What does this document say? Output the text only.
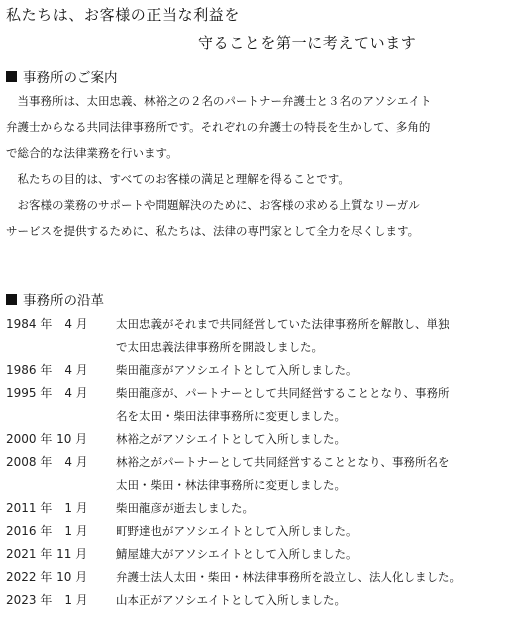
私たちは、お客様の正当な利益を
守ることを第一に考えています
事務所のご案内

　当事務所は、太田忠義、林裕之の２名のパートナー弁護士と３名のアソシエイト

弁護士からなる共同法律事務所です。それぞれの弁護士の特長を生かして、多角的

で総合的な法律業務を行います。

　私たちの目的は、すべてのお客様の満足と理解を得ることです。

　お客様の業務のサポートや問題解決のために、お客様の求める上質なリーガル

サービスを提供するために、私たちは、法律の専門家として全力を尽くします。

事務所の沿革
1984 年　4 月	太田忠義がそれまで共同経営していた法律事務所を解散し、単独
で太田忠義法律事務所を開設しました。
1986 年　4 月	柴田龍彦がアソシエイトとして入所しました。
1995 年　4 月	柴田龍彦が、パートナーとして共同経営することとなり、事務所
名を太田・柴田法律事務所に変更しました。
2000 年 10 月	林裕之がアソシエイトとして入所しました。
2008 年　4 月	林裕之がパートナーとして共同経営することとなり、事務所名を
太田・柴田・林法律事務所に変更しました。
2011 年　1 月	柴田龍彦が逝去しました。
2016 年　1 月	町野達也がアソシエイトとして入所しました。
2021 年 11 月	鯖屋雄大がアソシエイトとして入所しました。
2022 年 10 月	弁護士法人太田・柴田・林法律事務所を設立し、法人化しました。
2023 年　1 月	山本正がアソシエイトとして入所しました。
